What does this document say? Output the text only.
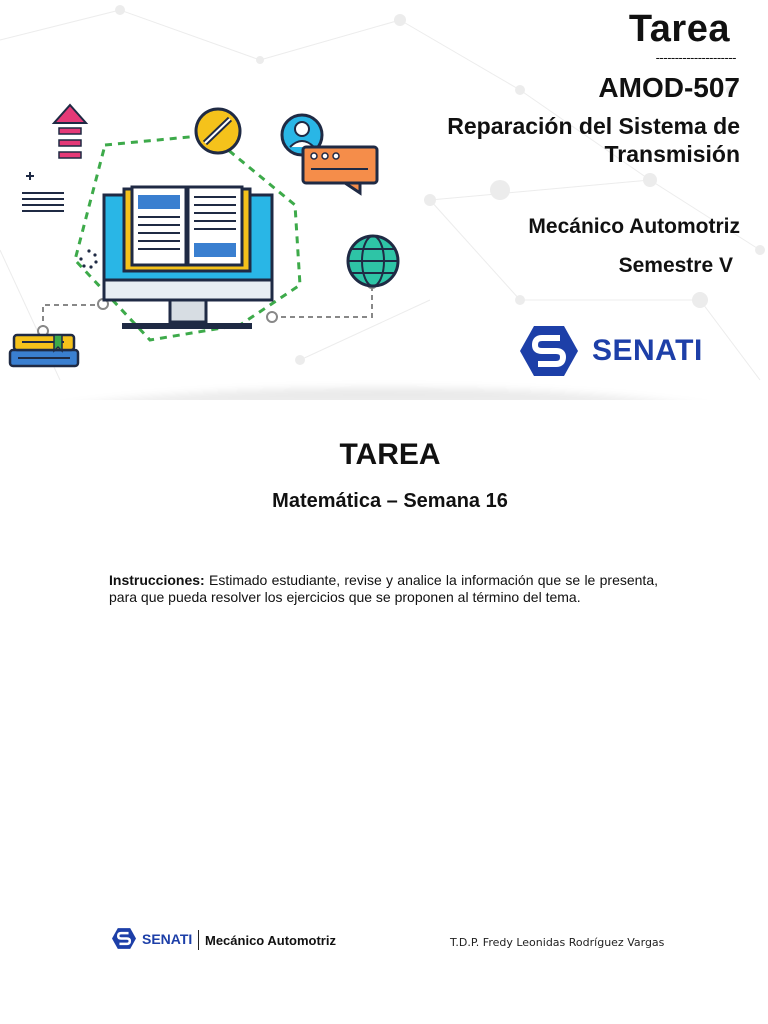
Tarea
---------------------
AMOD-507
Reparación del Sistema de Transmisión
Mecánico Automotriz
Semestre V
SENATI
TAREA
Matemática – Semana 16

Instrucciones: Estimado estudiante, revise y analice la información que se le presenta, para que pueda resolver los ejercicios que se proponen al término del tema.

SENATI Mecánico Automotriz	T.D.P. Fredy Leonidas Rodríguez Vargas
